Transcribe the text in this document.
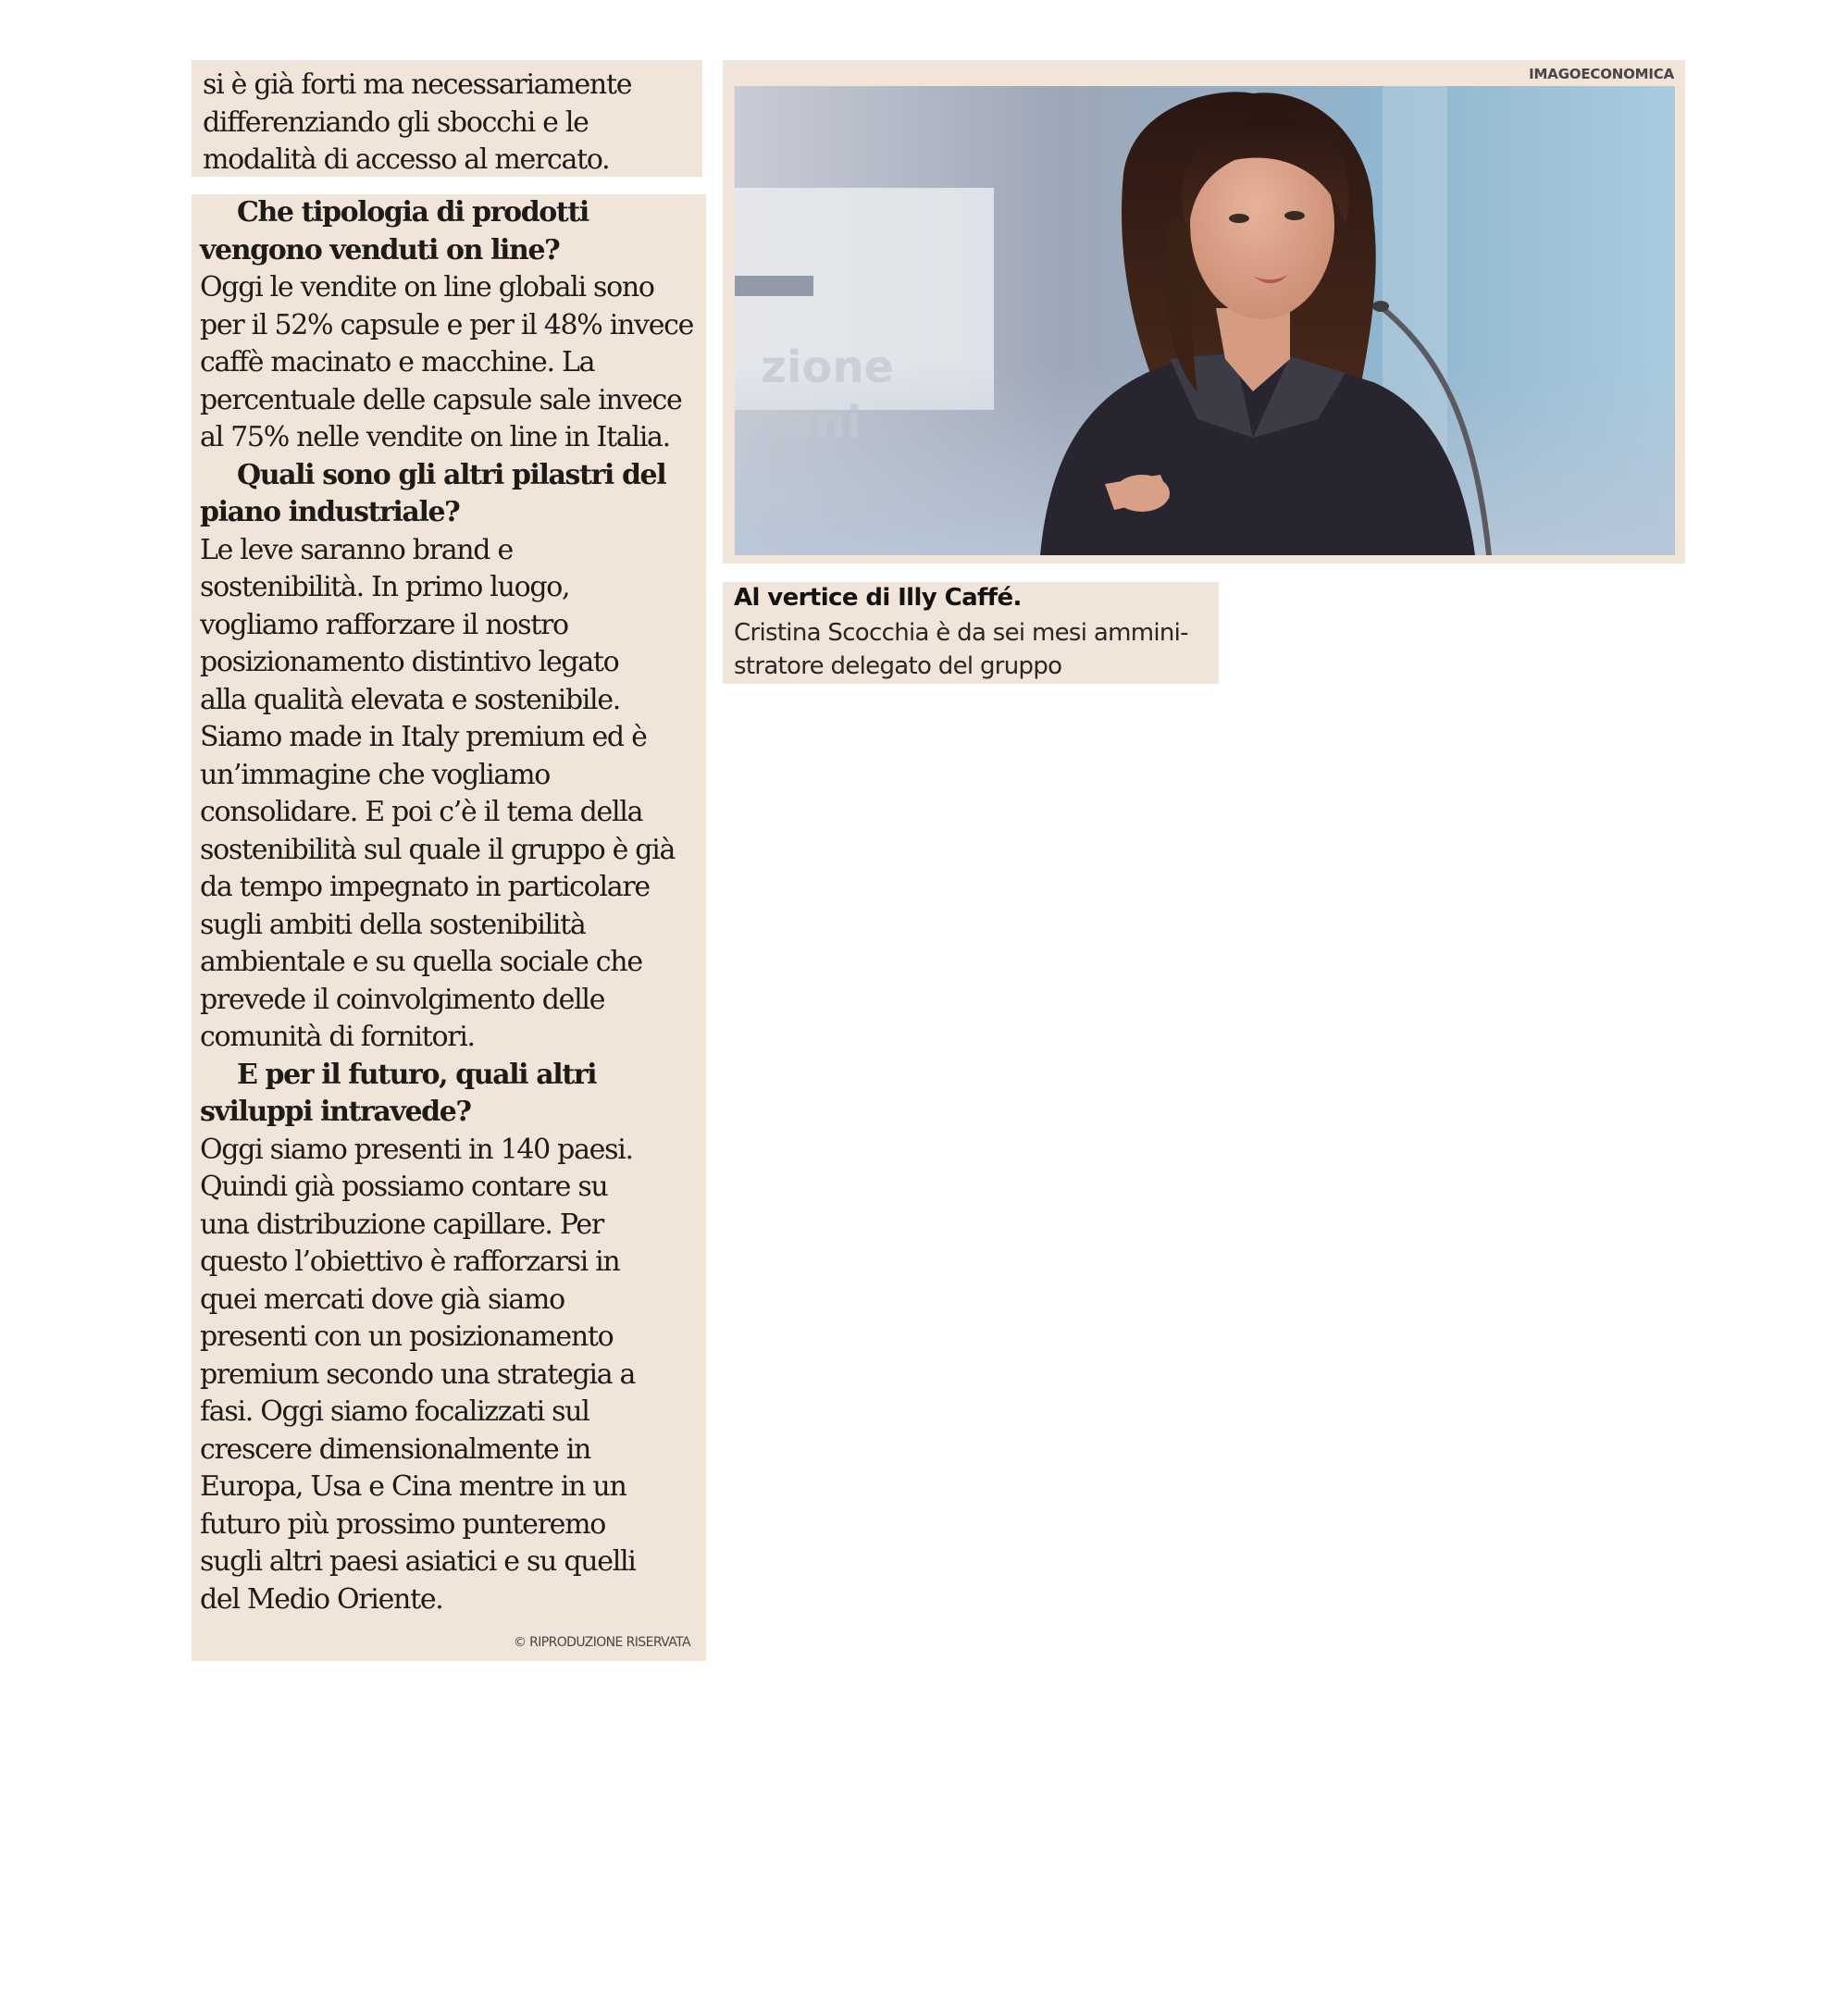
si è già forti ma necessariamente
differenziando gli sbocchi e le
modalità di accesso al mercato.
Che tipologia di prodotti
vengono venduti on line?
Oggi le vendite on line globali sono
per il 52% capsule e per il 48% invece
caffè macinato e macchine. La
percentuale delle capsule sale invece
al 75% nelle vendite on line in Italia.
Quali sono gli altri pilastri del
piano industriale?
Le leve saranno brand e
sostenibilità. In primo luogo,
vogliamo rafforzare il nostro
posizionamento distintivo legato
alla qualità elevata e sostenibile.
Siamo made in Italy premium ed è
un’immagine che vogliamo
consolidare. E poi c’è il tema della
sostenibilità sul quale il gruppo è già
da tempo impegnato in particolare
sugli ambiti della sostenibilità
ambientale e su quella sociale che
prevede il coinvolgimento delle
comunità di fornitori.
E per il futuro, quali altri
sviluppi intravede?
Oggi siamo presenti in 140 paesi.
Quindi già possiamo contare su
una distribuzione capillare. Per
questo l’obiettivo è rafforzarsi in
quei mercati dove già siamo
presenti con un posizionamento
premium secondo una strategia a
fasi. Oggi siamo focalizzati sul
crescere dimensionalmente in
Europa, Usa e Cina mentre in un
futuro più prossimo punteremo
sugli altri paesi asiatici e su quelli
del Medio Oriente.
© RIPRODUZIONE RISERVATA
IMAGOECONOMICA
Al vertice di Illy Caffé.
Cristina Scocchia è da sei mesi ammini-
stratore delegato del gruppo
